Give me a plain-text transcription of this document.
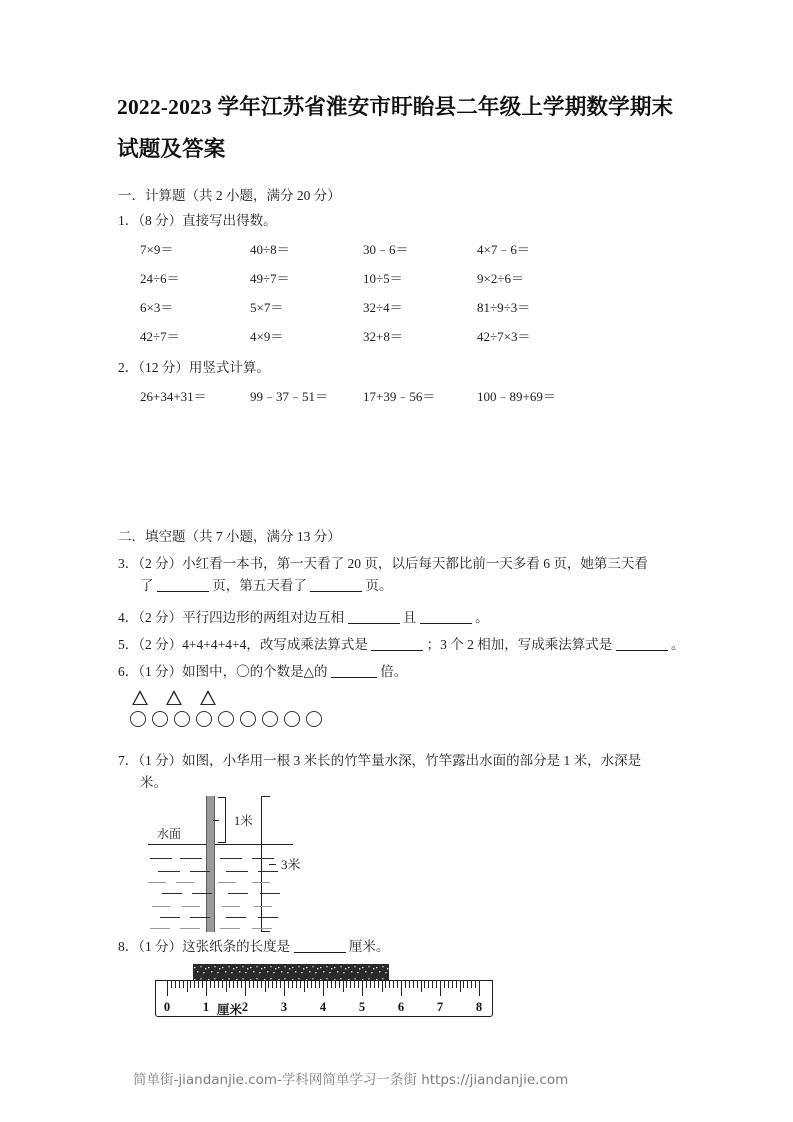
2022-2023 学年江苏省淮安市盱眙县二年级上学期数学期末试题及答案
一．计算题（共 2 小题，满分 20 分）
1．（8 分）直接写出得数。
7×9＝	40÷8＝	30﹣6＝	4×7﹣6＝
24÷6＝	49÷7＝	10÷5＝	9×2÷6＝
6×3＝	5×7＝	32÷4＝	81÷9÷3＝
42÷7＝	4×9＝	32+8＝	42÷7×3＝
2．（12 分）用竖式计算。
26+34+31＝	99﹣37﹣51＝	17+39﹣56＝	100﹣89+69＝
二．填空题（共 7 小题，满分 13 分）
3．（2 分）小红看一本书，第一天看了 20 页，以后每天都比前一天多看 6 页，她第三天看
了	页，第五天看了	页。
4．（2 分）平行四边形的两组对边互相	且	。
5．（2 分）4+4+4+4+4，改写成乘法算式是	；3 个 2 相加，写成乘法算式是	。
6．（1 分）如图中，〇的个数是△的	倍。
7．（1 分）如图，小华用一根 3 米长的竹竿量水深，竹竿露出水面的部分是 1 米，水深是
米。
水面
1米
3米
8．（1 分）这张纸条的长度是	厘米。
0	1	2	3	4	5	6	7	8
厘米
简单街-jiandanjie.com-学科网简单学习一条街 https://jiandanjie.com
